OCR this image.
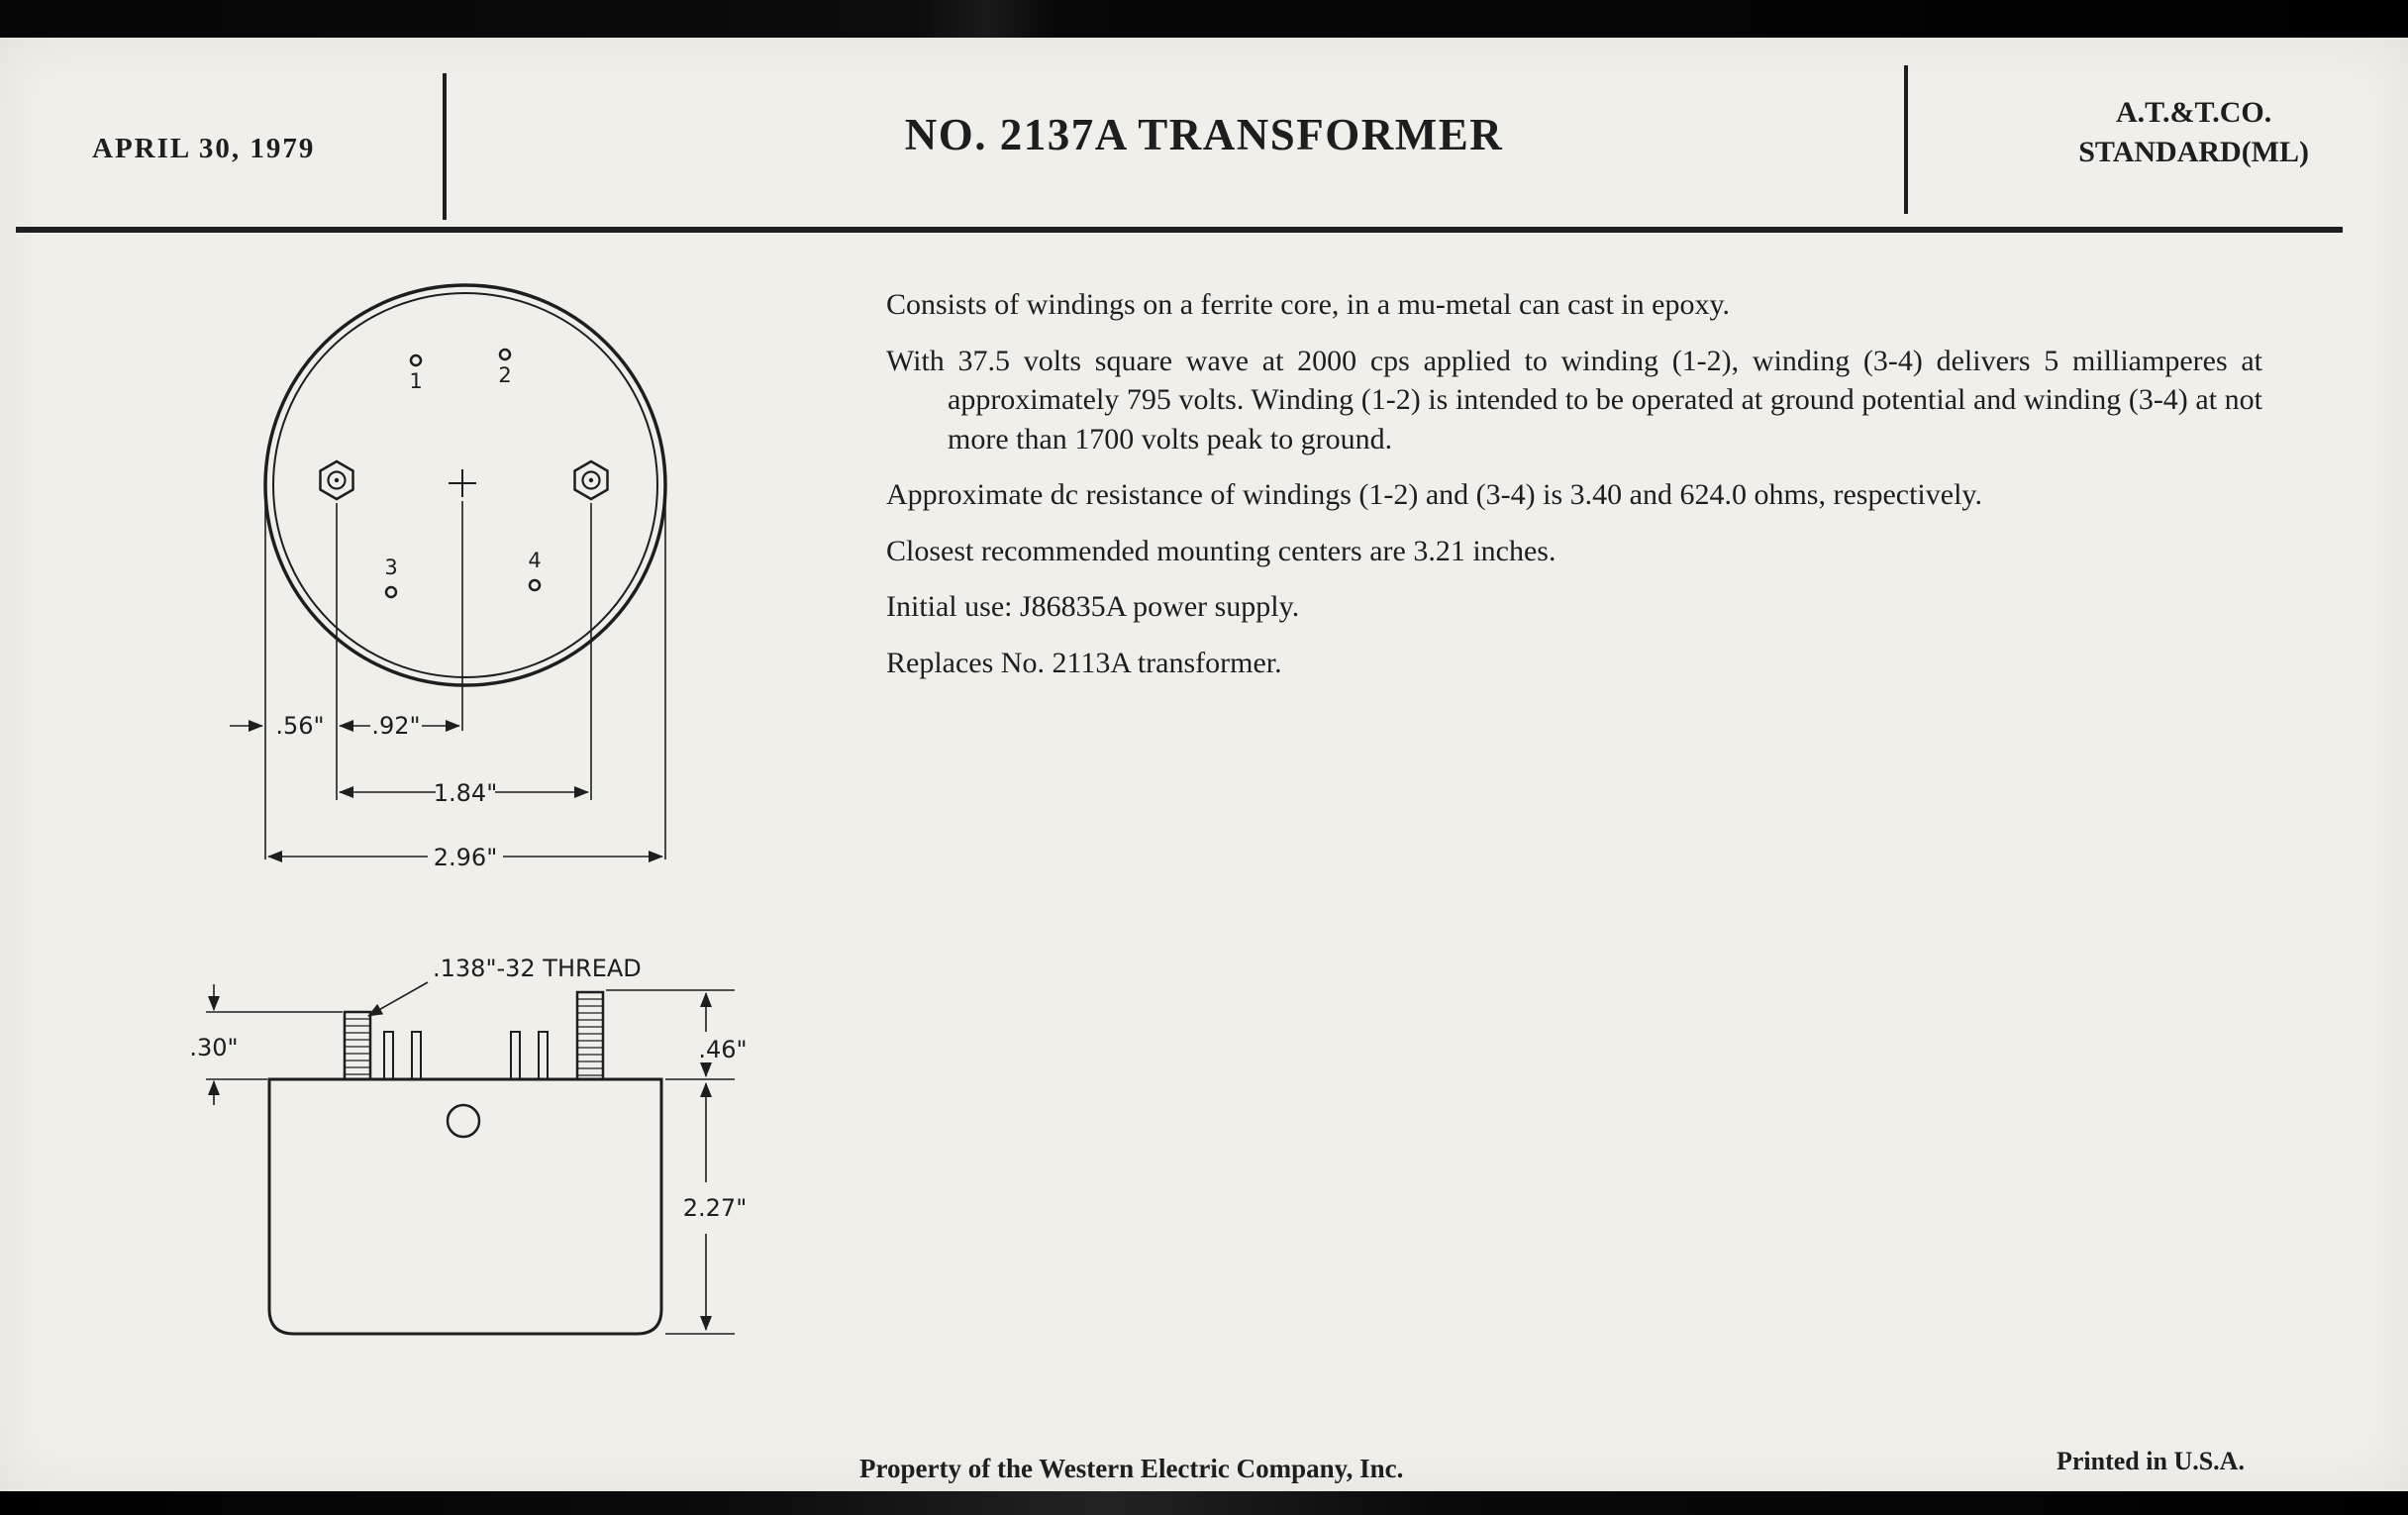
APRIL 30, 1979	NO. 2137A TRANSFORMER	A.T.&T.CO.
STANDARD(ML)

Consists of windings on a ferrite core, in a mu-metal can cast in epoxy.

With 37.5 volts square wave at 2000 cps applied to winding (1-2), winding (3-4) delivers 5 milliamperes at approximately 795 volts. Winding (1-2) is intended to be operated at ground potential and winding (3-4) at not more than 1700 volts peak to ground.

Approximate dc resistance of windings (1-2) and (3-4) is 3.40 and 624.0 ohms, respectively.

Closest recommended mounting centers are 3.21 inches.

Initial use: J86835A power supply.

Replaces No. 2113A transformer.

1	2
3	4
.56" .92"
1.84"
2.96"
.138"-32 THREAD
.30"	.46"
2.27"
Property of the Western Electric Company, Inc.	Printed in U.S.A.
